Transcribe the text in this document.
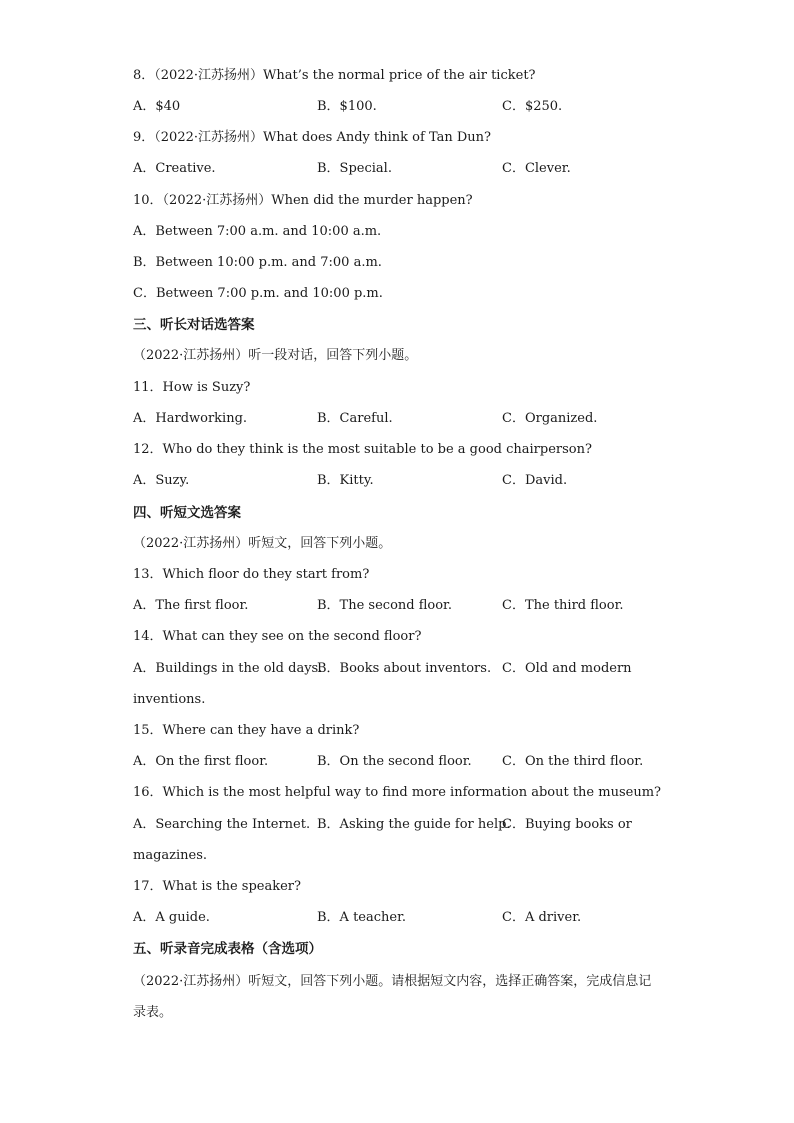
8．（2022·江苏扬州）What’s the normal price of the air ticket?
A．$40	B．$100.	C．$250.
9．（2022·江苏扬州）What does Andy think of Tan Dun?
A．Creative.	B．Special.	C．Clever.
10．（2022·江苏扬州）When did the murder happen?
A．Between 7:00 a.m. and 10:00 a.m.
B．Between 10:00 p.m. and 7:00 a.m.
C．Between 7:00 p.m. and 10:00 p.m.
三、听长对话选答案
（2022·江苏扬州）听一段对话，回答下列小题。
11．How is Suzy?
A．Hardworking.	B．Careful.	C．Organized.
12．Who do they think is the most suitable to be a good chairperson?
A．Suzy.	B．Kitty.	C．David.
四、听短文选答案
（2022·江苏扬州）听短文，回答下列小题。
13．Which floor do they start from?
A．The first floor.	B．The second floor.	C．The third floor.
14．What can they see on the second floor?
A．Buildings in the old days.
B．Books about inventors. C．Old and modern
inventions.
15．Where can they have a drink?
A．On the first floor.	B．On the second floor. C．On the third floor.
16．Which is the most helpful way to find more information about the museum?
A．Searching the Internet. B．Asking the guide for help.
C．Buying books or
magazines.
17．What is the speaker?
A．A guide.	B．A teacher.	C．A driver.
五、听录音完成表格（含选项）
（2022·江苏扬州）听短文，回答下列小题。请根据短文内容，选择正确答案，完成信息记录表。
